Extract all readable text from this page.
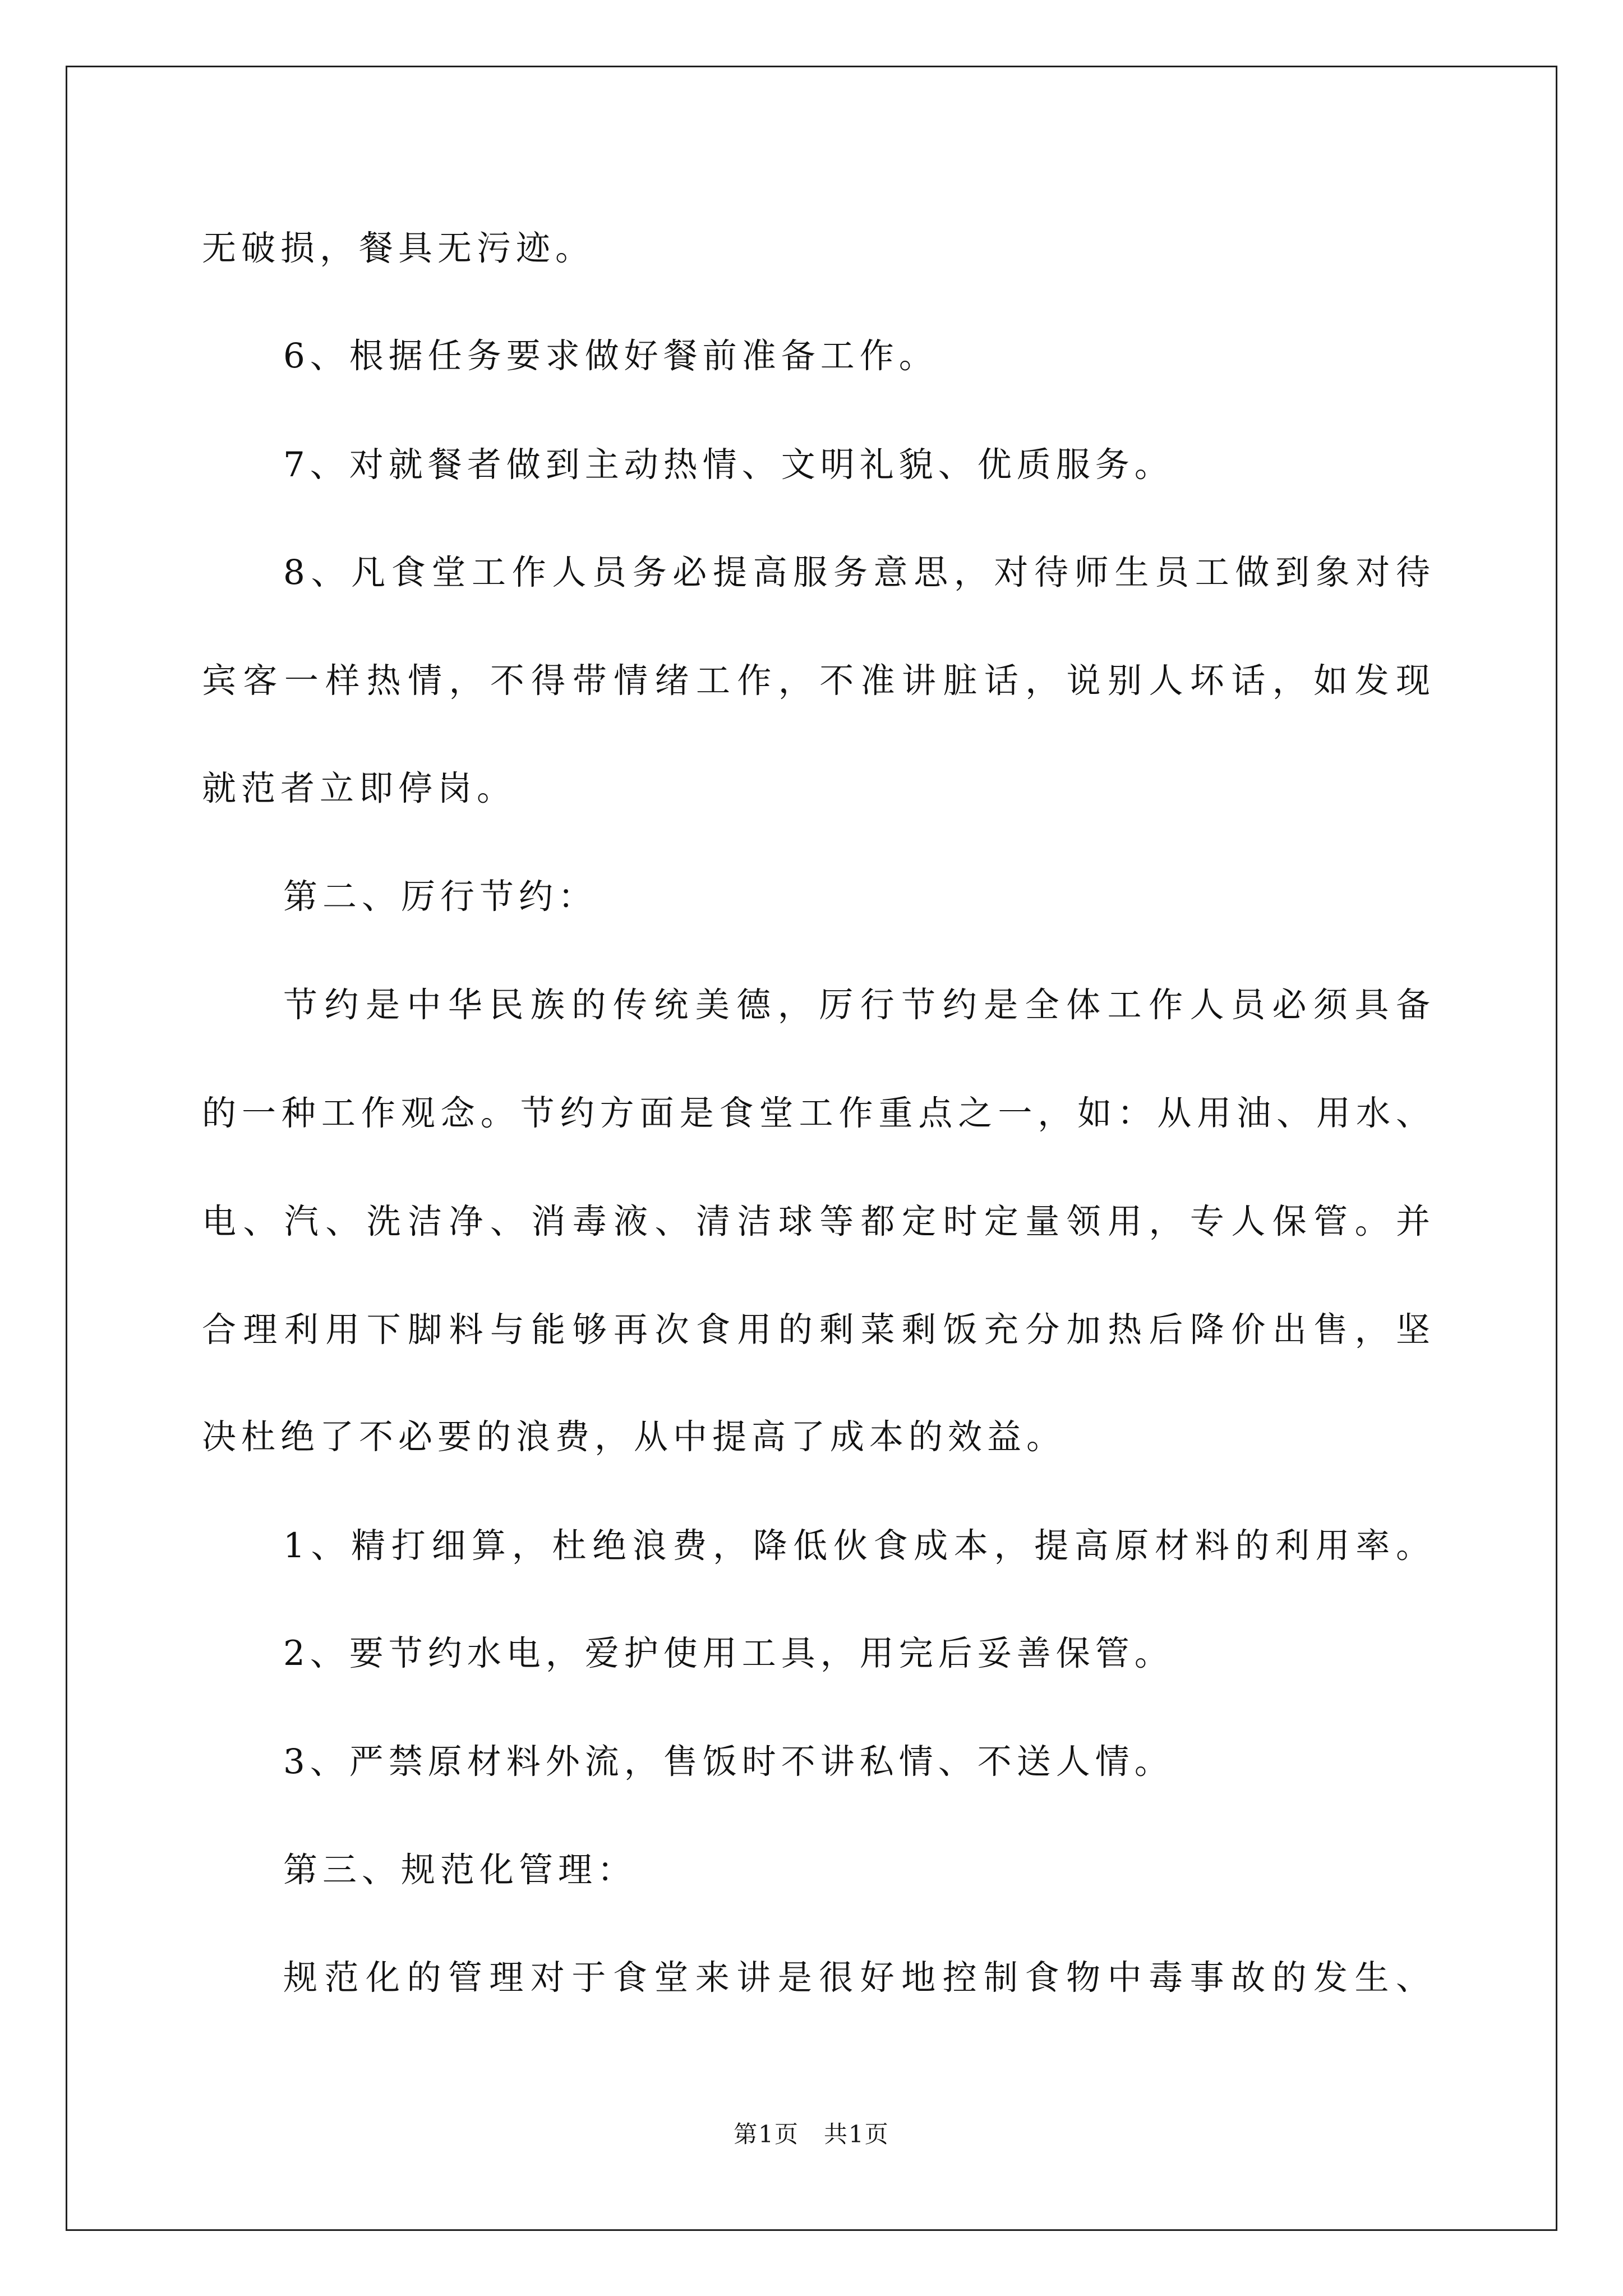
无破损，餐具无污迹。
6、根据任务要求做好餐前准备工作。
7、对就餐者做到主动热情、文明礼貌、优质服务。
8、凡食堂工作人员务必提高服务意思，对待师生员工做到象对待
宾客一样热情，不得带情绪工作，不准讲脏话，说别人坏话，如发现
就范者立即停岗。
第二、厉行节约：
节约是中华民族的传统美德，厉行节约是全体工作人员必须具备
的一种工作观念。节约方面是食堂工作重点之一，如：从用油、用水、
电、汽、洗洁净、消毒液、清洁球等都定时定量领用，专人保管。并
合理利用下脚料与能够再次食用的剩菜剩饭充分加热后降价出售，坚
决杜绝了不必要的浪费，从中提高了成本的效益。
1、精打细算，杜绝浪费，降低伙食成本，提高原材料的利用率。
2、要节约水电，爱护使用工具，用完后妥善保管。
3、严禁原材料外流，售饭时不讲私情、不送人情。
第三、规范化管理：
规范化的管理对于食堂来讲是很好地控制食物中毒事故的发生、
第1页　共1页
